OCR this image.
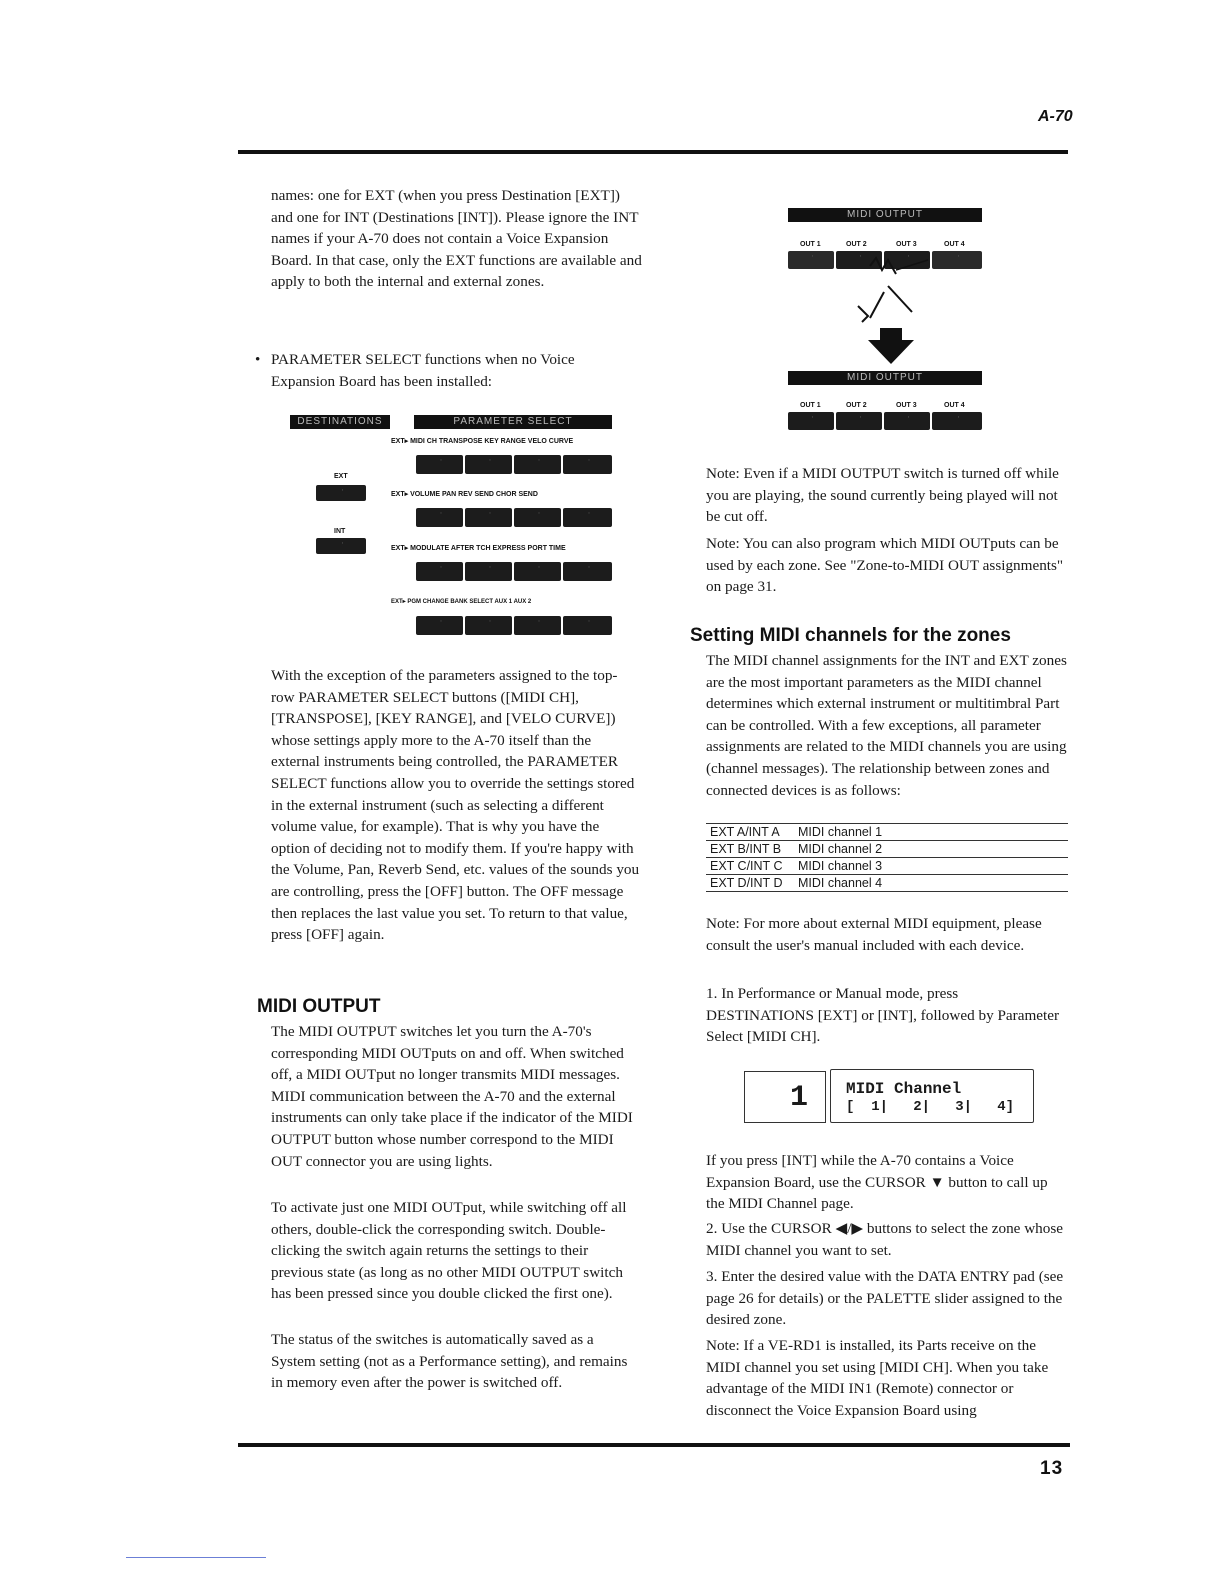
A-70

names: one for EXT (when you press Destination [EXT]) and one for INT (Destinations [INT]). Please ignore the INT names if your A-70 does not contain a Voice Expansion Board. In that case, only the EXT functions are available and apply to both the internal and external zones.

• PARAMETER SELECT functions when no Voice Expansion Board has been installed:

DESTINATIONS	PARAMETER SELECT
EXT
·
INT
·
EXT▸ MIDI CH TRANSPOSE KEY RANGE VELO CURVE
·
·
·
·
EXT▸ VOLUME PAN REV SEND CHOR SEND
·
·
·
·
EXT▸ MODULATE AFTER TCH EXPRESS PORT TIME
·
·
·
·
EXT▸ PGM CHANGE BANK SELECT AUX 1 AUX 2
·
·
·
·

With the exception of the parameters assigned to the top-row PARAMETER SELECT buttons ([MIDI CH], [TRANSPOSE], [KEY RANGE], and [VELO CURVE]) whose settings apply more to the A-70 itself than the external instruments being controlled, the PARAMETER SELECT functions allow you to override the settings stored in the external instrument (such as selecting a different volume value, for example). That is why you have the option of deciding not to modify them. If you're happy with the Volume, Pan, Reverb Send, etc. values of the sounds you are controlling, press the [OFF] button. The OFF message then replaces the last value you set. To return to that value, press [OFF] again.

MIDI OUTPUT

The MIDI OUTPUT switches let you turn the A-70's corresponding MIDI OUTputs on and off. When switched off, a MIDI OUTput no longer transmits MIDI messages. MIDI communication between the A-70 and the external instruments can only take place if the indicator of the MIDI OUTPUT button whose number correspond to the MIDI OUT connector you are using lights.

To activate just one MIDI OUTput, while switching off all others, double-click the corresponding switch. Double-clicking the switch again returns the settings to their previous state (as long as no other MIDI OUTPUT switch has been pressed since you double clicked the first one).

The status of the switches is automatically saved as a System setting (not as a Performance setting), and remains in memory even after the power is switched off.

MIDI OUTPUT
OUT 1	OUT 2	OUT 3	OUT 4
·
·
·
·
MIDI OUTPUT
OUT 1	OUT 2	OUT 3	OUT 4
·
·
·
·

Note: Even if a MIDI OUTPUT switch is turned off while you are playing, the sound currently being played will not be cut off.

Note: You can also program which MIDI OUTputs can be used by each zone. See "Zone-to-MIDI OUT assignments" on page 31.

Setting MIDI channels for the zones

The MIDI channel assignments for the INT and EXT zones are the most important parameters as the MIDI channel determines which external instrument or multitimbral Part can be controlled. With a few exceptions, all parameter assignments are related to the MIDI channels you are using (channel messages). The relationship between zones and connected devices is as follows:

EXT A/INT A	MIDI channel 1
EXT B/INT B	MIDI channel 2
EXT C/INT C	MIDI channel 3
EXT D/INT D	MIDI channel 4

Note: For more about external MIDI equipment, please consult the user's manual included with each device.

1. In Performance or Manual mode, press DESTINATIONS [EXT] or [INT], followed by Parameter Select [MIDI CH].

1 MIDI Channel
[  1|   2|   3|   4]

If you press [INT] while the A-70 contains a Voice Expansion Board, use the CURSOR ▼ button to call up the MIDI Channel page.

2. Use the CURSOR ◀/▶ buttons to select the zone whose MIDI channel you want to set.

3. Enter the desired value with the DATA ENTRY pad (see page 26 for details) or the PALETTE slider assigned to the desired zone.

Note: If a VE-RD1 is installed, its Parts receive on the MIDI channel you set using [MIDI CH]. When you take advantage of the MIDI IN1 (Remote) connector or disconnect the Voice Expansion Board using

13
